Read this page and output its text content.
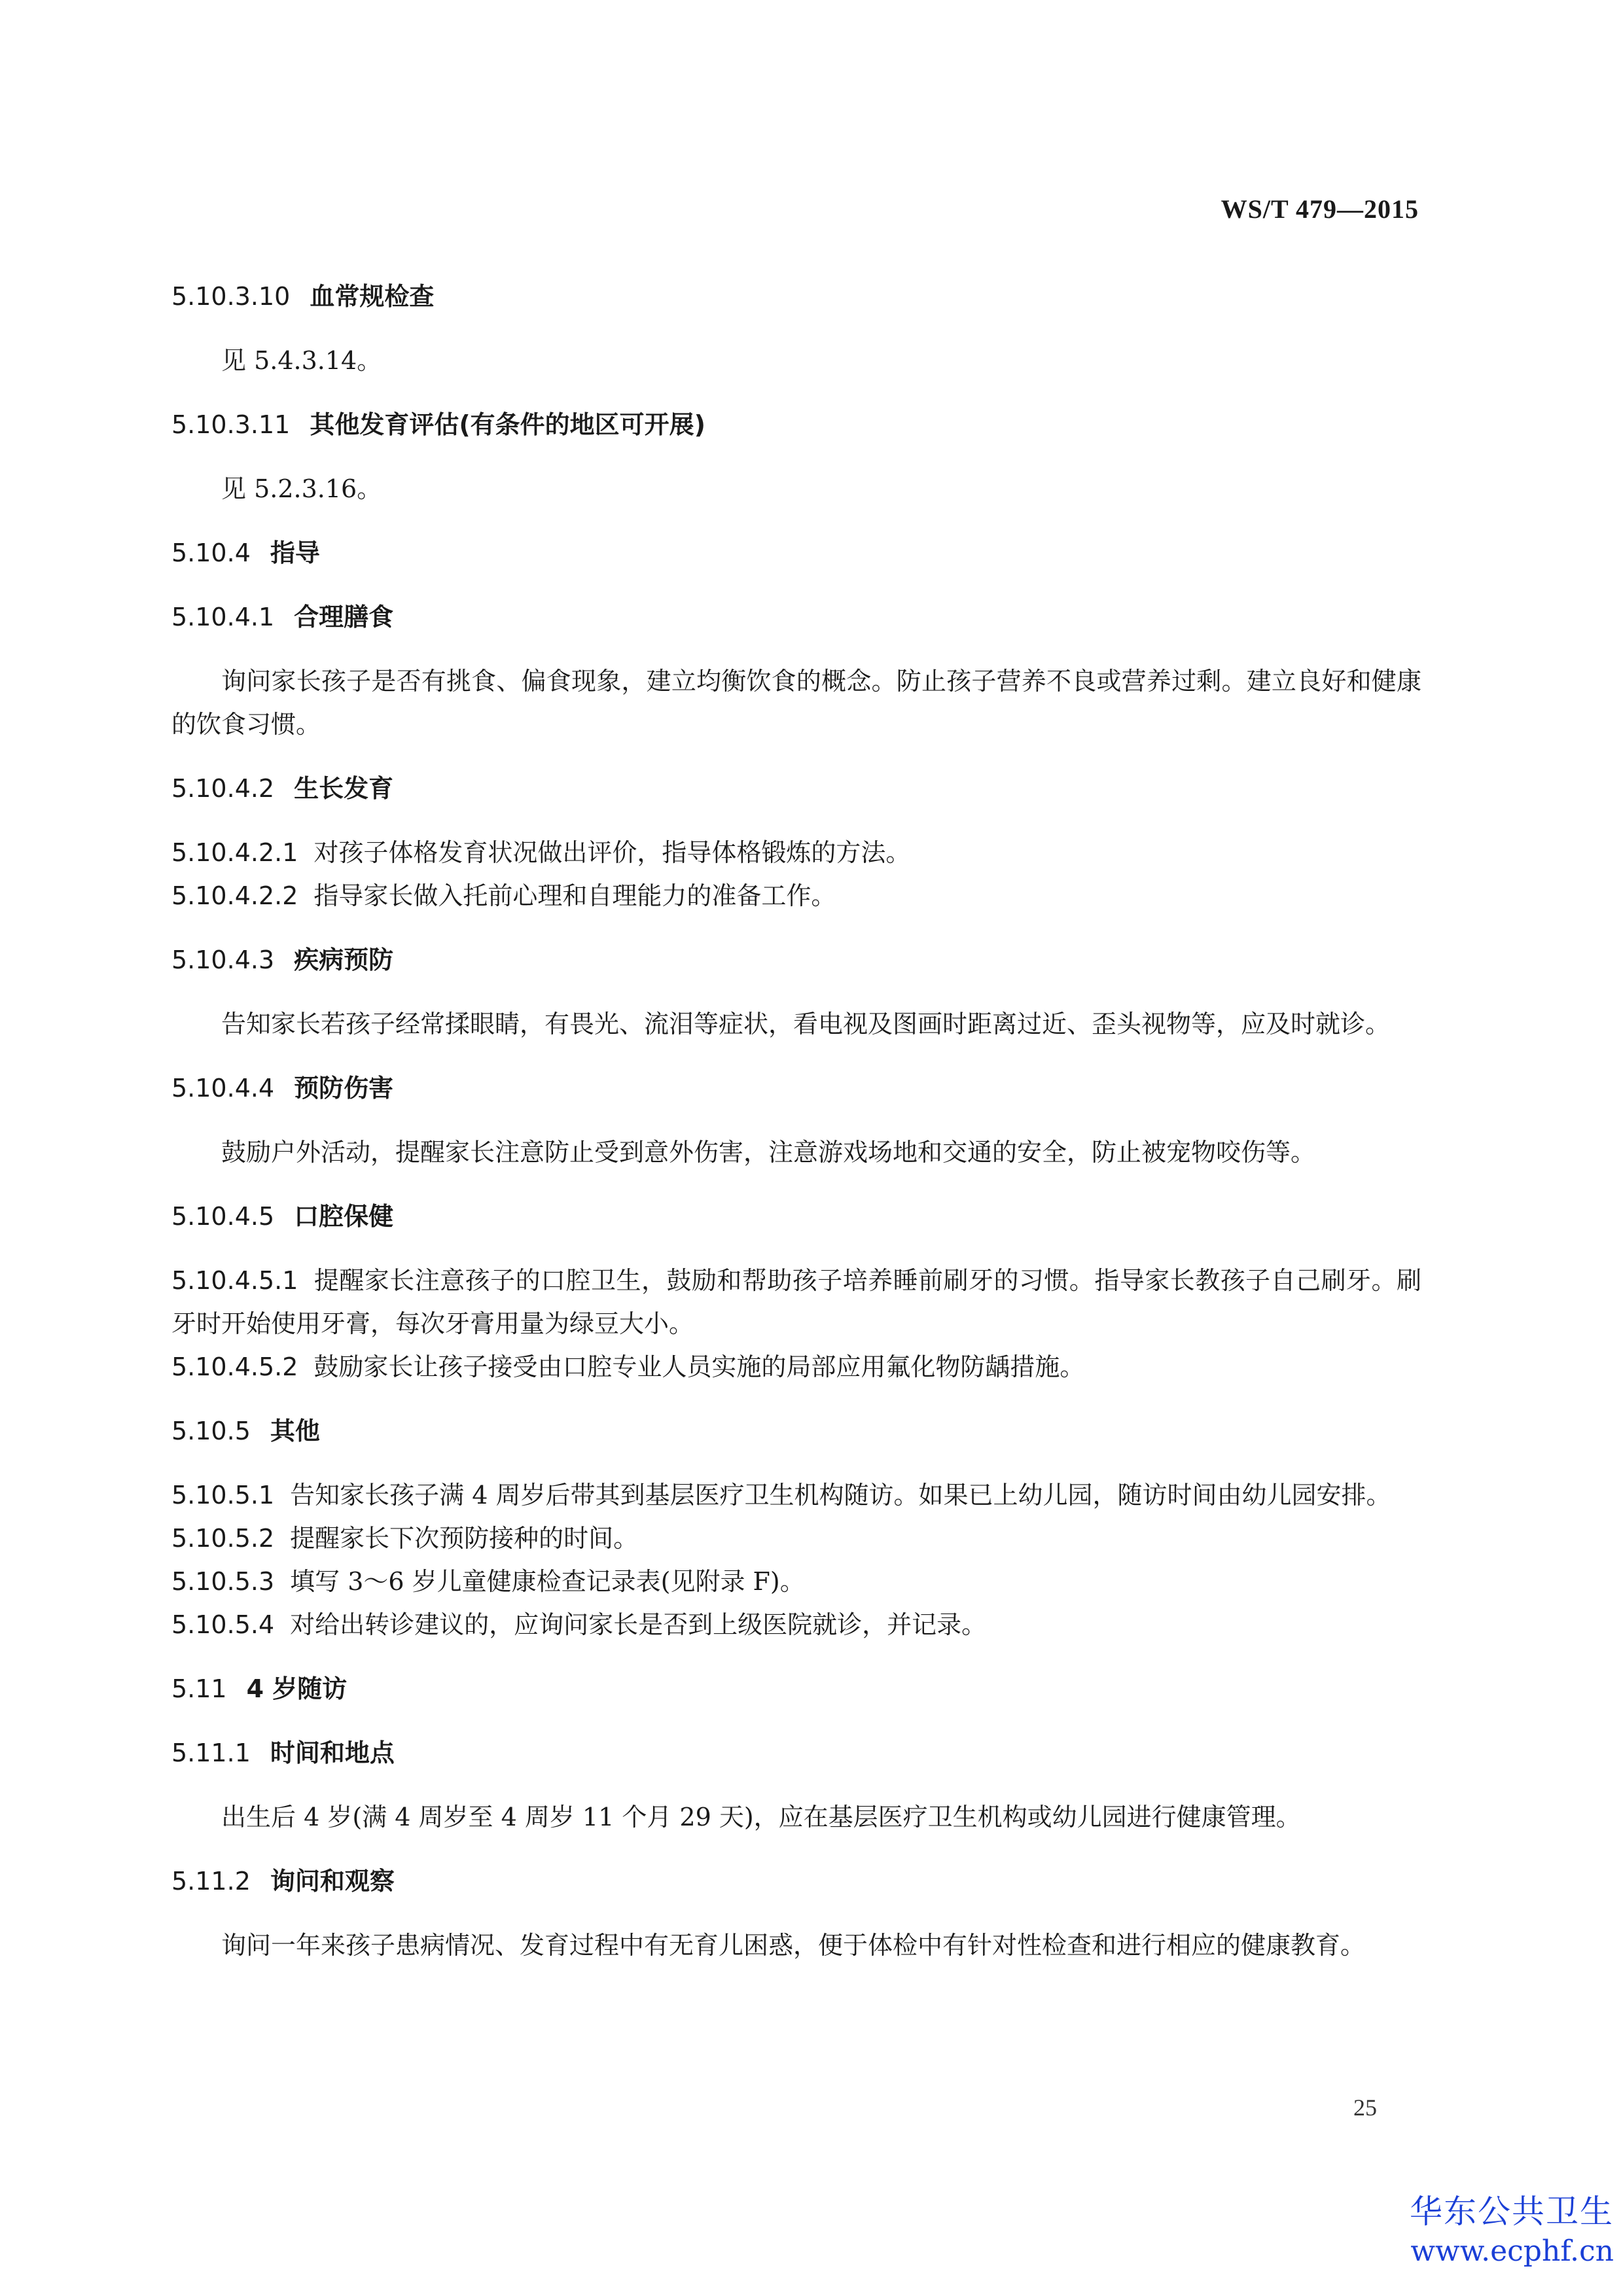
WS/T 479—2015
5.10.3.10 血常规检查

见 5.4.3.14。

5.10.3.11 其他发育评估(有条件的地区可开展)

见 5.2.3.16。

5.10.4 指导
5.10.4.1 合理膳食

询问家长孩子是否有挑食、偏食现象，建立均衡饮食的概念。防止孩子营养不良或营养过剩。建立良好和健康的饮食习惯。

5.10.4.2 生长发育

5.10.4.2.1 对孩子体格发育状况做出评价，指导体格锻炼的方法。

5.10.4.2.2 指导家长做入托前心理和自理能力的准备工作。

5.10.4.3 疾病预防

告知家长若孩子经常揉眼睛，有畏光、流泪等症状，看电视及图画时距离过近、歪头视物等，应及时就诊。

5.10.4.4 预防伤害

鼓励户外活动，提醒家长注意防止受到意外伤害，注意游戏场地和交通的安全，防止被宠物咬伤等。

5.10.4.5 口腔保健

5.10.4.5.1 提醒家长注意孩子的口腔卫生，鼓励和帮助孩子培养睡前刷牙的习惯。指导家长教孩子自己刷牙。刷牙时开始使用牙膏，每次牙膏用量为绿豆大小。

5.10.4.5.2 鼓励家长让孩子接受由口腔专业人员实施的局部应用氟化物防龋措施。

5.10.5 其他

5.10.5.1 告知家长孩子满 4 周岁后带其到基层医疗卫生机构随访。如果已上幼儿园，随访时间由幼儿园安排。

5.10.5.2 提醒家长下次预防接种的时间。

5.10.5.3 填写 3～6 岁儿童健康检查记录表(见附录 F)。

5.10.5.4 对给出转诊建议的，应询问家长是否到上级医院就诊，并记录。

5.11 4 岁随访
5.11.1 时间和地点

出生后 4 岁(满 4 周岁至 4 周岁 11 个月 29 天)，应在基层医疗卫生机构或幼儿园进行健康管理。

5.11.2 询问和观察

询问一年来孩子患病情况、发育过程中有无育儿困惑，便于体检中有针对性检查和进行相应的健康教育。

25
华东公共卫生
www.ecphf.cn
